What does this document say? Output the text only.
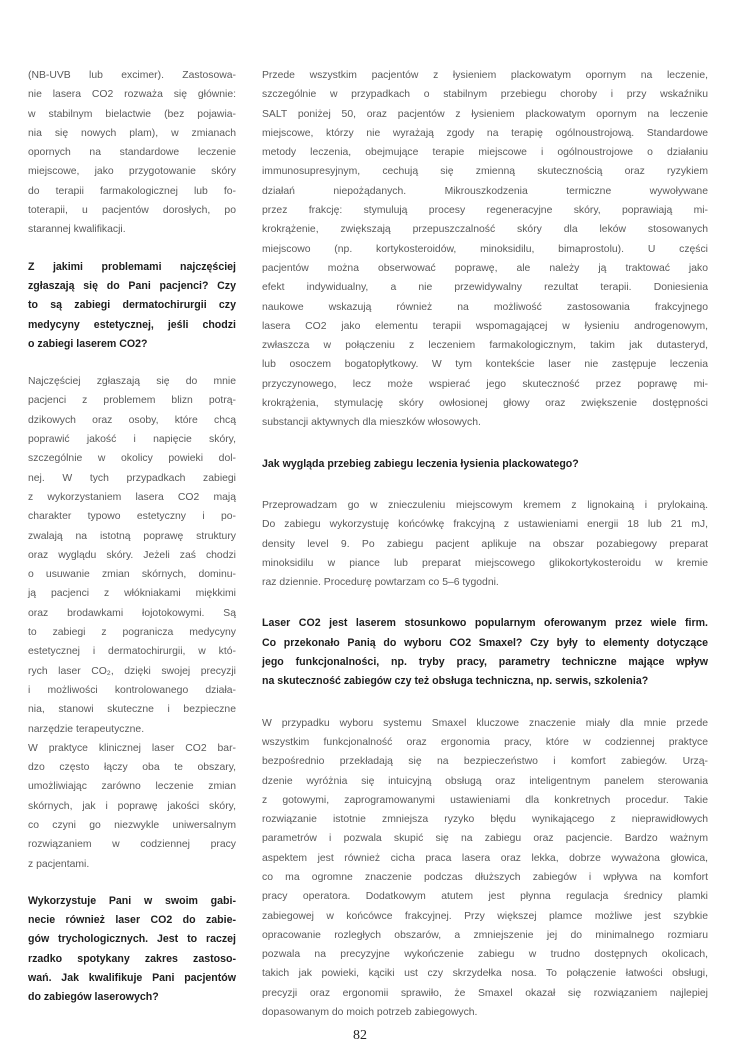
(NB-UVB lub excimer). Zastosowa-
nie lasera CO2 rozważa się głównie:
w stabilnym bielactwie (bez pojawia-
nia się nowych plam), w zmianach
opornych na standardowe leczenie
miejscowe, jako przygotowanie skóry
do terapii farmakologicznej lub fo-
toterapii, u pacjentów dorosłych, po
starannej kwalifikacji.
Z jakimi problemami najczęściej
zgłaszają się do Pani pacjenci? Czy
to są zabiegi dermatochirurgii czy
medycyny estetycznej, jeśli chodzi
o zabiegi laserem CO2?
Najczęściej zgłaszają się do mnie
pacjenci z problemem blizn potrą-
dzikowych oraz osoby, które chcą
poprawić jakość i napięcie skóry,
szczególnie w okolicy powieki dol-
nej. W tych przypadkach zabiegi
z wykorzystaniem lasera CO2 mają
charakter typowo estetyczny i po-
zwalają na istotną poprawę struktury
oraz wyglądu skóry. Jeżeli zaś chodzi
o usuwanie zmian skórnych, dominu-
ją pacjenci z włókniakami miękkimi
oraz brodawkami łojotokowymi. Są
to zabiegi z pogranicza medycyny
estetycznej i dermatochirurgii, w któ-
rych laser CO₂, dzięki swojej precyzji
i możliwości kontrolowanego działa-
nia, stanowi skuteczne i bezpieczne
narzędzie terapeutyczne.
W praktyce klinicznej laser CO2 bar-
dzo często łączy oba te obszary,
umożliwiając zarówno leczenie zmian
skórnych, jak i poprawę jakości skóry,
co czyni go niezwykle uniwersalnym
rozwiązaniem w codziennej pracy
z pacjentami.
Wykorzystuje Pani w swoim gabi-
necie również laser CO2 do zabie-
gów trychologicznych. Jest to raczej
rzadko spotykany zakres zastoso-
wań. Jak kwalifikuje Pani pacjentów
do zabiegów laserowych?
Przede wszystkim pacjentów z łysieniem plackowatym opornym na leczenie,
szczególnie w przypadkach o stabilnym przebiegu choroby i przy wskaźniku
SALT poniżej 50, oraz pacjentów z łysieniem plackowatym opornym na leczenie
miejscowe, którzy nie wyrażają zgody na terapię ogólnoustrojową. Standardowe
metody leczenia, obejmujące terapie miejscowe i ogólnoustrojowe o działaniu
immunosupresyjnym, cechują się zmienną skutecznością oraz ryzykiem
działań niepożądanych. Mikrouszkodzenia termiczne wywoływane
przez frakcję: stymulują procesy regeneracyjne skóry, poprawiają mi-
krokrążenie, zwiększają przepuszczalność skóry dla leków stosowanych
miejscowo (np. kortykosteroidów, minoksidilu, bimaprostolu). U części
pacjentów można obserwować poprawę, ale należy ją traktować jako
efekt indywidualny, a nie przewidywalny rezultat terapii. Doniesienia
naukowe wskazują również na możliwość zastosowania frakcyjnego
lasera CO2 jako elementu terapii wspomagającej w łysieniu androgenowym,
zwłaszcza w połączeniu z leczeniem farmakologicznym, takim jak dutasteryd,
lub osoczem bogatopłytkowy. W tym kontekście laser nie zastępuje leczenia
przyczynowego, lecz może wspierać jego skuteczność przez poprawę mi-
krokrążenia, stymulację skóry owłosionej głowy oraz zwiększenie dostępności
substancji aktywnych dla mieszków włosowych.
Jak wygląda przebieg zabiegu leczenia łysienia plackowatego?
Przeprowadzam go w znieczuleniu miejscowym kremem z lignokainą i prylokainą.
Do zabiegu wykorzystuję końcówkę frakcyjną z ustawieniami energii 18 lub 21 mJ,
density level 9. Po zabiegu pacjent aplikuje na obszar pozabiegowy preparat
minoksidilu w piance lub preparat miejscowego glikokortykosteroidu w kremie
raz dziennie. Procedurę powtarzam co 5–6 tygodni.
Laser CO2 jest laserem stosunkowo popularnym oferowanym przez wiele firm.
Co przekonało Panią do wyboru CO2 Smaxel? Czy były to elementy dotyczące
jego funkcjonalności, np. tryby pracy, parametry techniczne mające wpływ
na skuteczność zabiegów czy też obsługa techniczna, np. serwis, szkolenia?
W przypadku wyboru systemu Smaxel kluczowe znaczenie miały dla mnie przede
wszystkim funkcjonalność oraz ergonomia pracy, które w codziennej praktyce
bezpośrednio przekładają się na bezpieczeństwo i komfort zabiegów. Urzą-
dzenie wyróżnia się intuicyjną obsługą oraz inteligentnym panelem sterowania
z gotowymi, zaprogramowanymi ustawieniami dla konkretnych procedur. Takie
rozwiązanie istotnie zmniejsza ryzyko błędu wynikającego z nieprawidłowych
parametrów i pozwala skupić się na zabiegu oraz pacjencie. Bardzo ważnym
aspektem jest również cicha praca lasera oraz lekka, dobrze wyważona głowica,
co ma ogromne znaczenie podczas dłuższych zabiegów i wpływa na komfort
pracy operatora. Dodatkowym atutem jest płynna regulacja średnicy plamki
zabiegowej w końcówce frakcyjnej. Przy większej plamce możliwe jest szybkie
opracowanie rozległych obszarów, a zmniejszenie jej do minimalnego rozmiaru
pozwala na precyzyjne wykończenie zabiegu w trudno dostępnych okolicach,
takich jak powieki, kąciki ust czy skrzydełka nosa. To połączenie łatwości obsługi,
precyzji oraz ergonomii sprawiło, że Smaxel okazał się rozwiązaniem najlepiej
dopasowanym do moich potrzeb zabiegowych.
82
